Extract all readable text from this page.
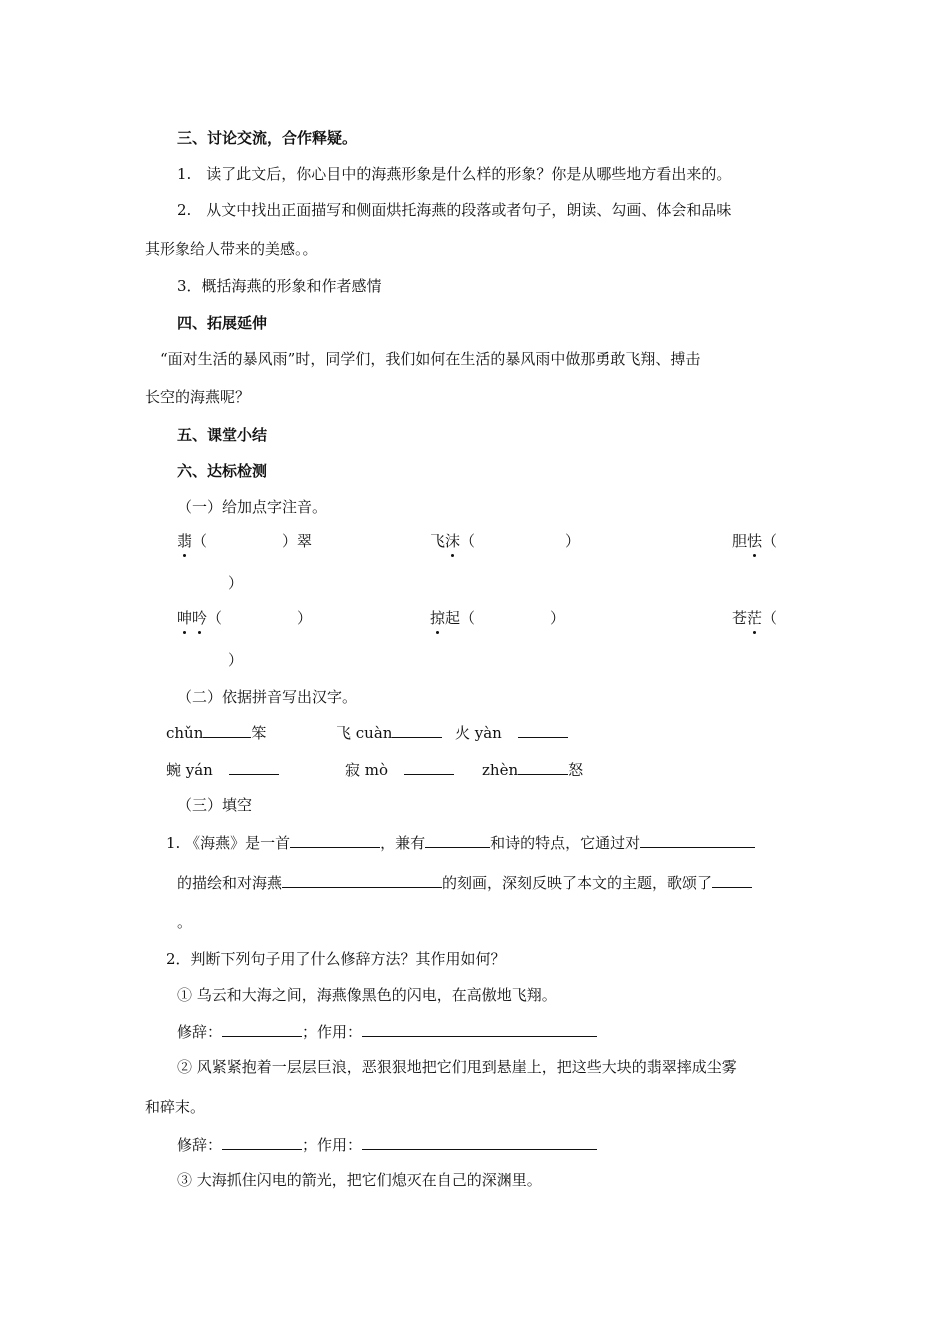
三、讨论交流，合作释疑。
1.　读了此文后，你心目中的海燕形象是什么样的形象？你是从哪些地方看出来的。
2.　从文中找出正面描写和侧面烘托海燕的段落或者句子，朗读、勾画、体会和品味
其形象给人带来的美感。。
3．概括海燕的形象和作者感情
四、拓展延伸
“面对生活的暴风雨”时，同学们，我们如何在生活的暴风雨中做那勇敢飞翔、搏击
长空的海燕呢？
五、课堂小结
六、达标检测
（一）给加点字注音。
翡（　　　　　）翠	飞沫（　　　　　　）	胆怯（
）
呻吟（　　　　　）	掠起（　　　　　）	苍茫（
）
（二）依据拼音写出汉字。
chǔn	笨	飞 cuàn	火 yàn
蜿 yán	寂 mò	zhèn	怒
（三）填空
1. 《海燕》是一首	，兼有	和诗的特点，它通过对
的描绘和对海燕	的刻画，深刻反映了本文的主题，歌颂了
。
2．判断下列句子用了什么修辞方法？其作用如何？
① 乌云和大海之间，海燕像黑色的闪电，在高傲地飞翔。
修辞：	；作用：
② 风紧紧抱着一层层巨浪，恶狠狠地把它们甩到悬崖上，把这些大块的翡翠摔成尘雾
和碎末。
修辞：	；作用：
③ 大海抓住闪电的箭光，把它们熄灭在自己的深渊里。
